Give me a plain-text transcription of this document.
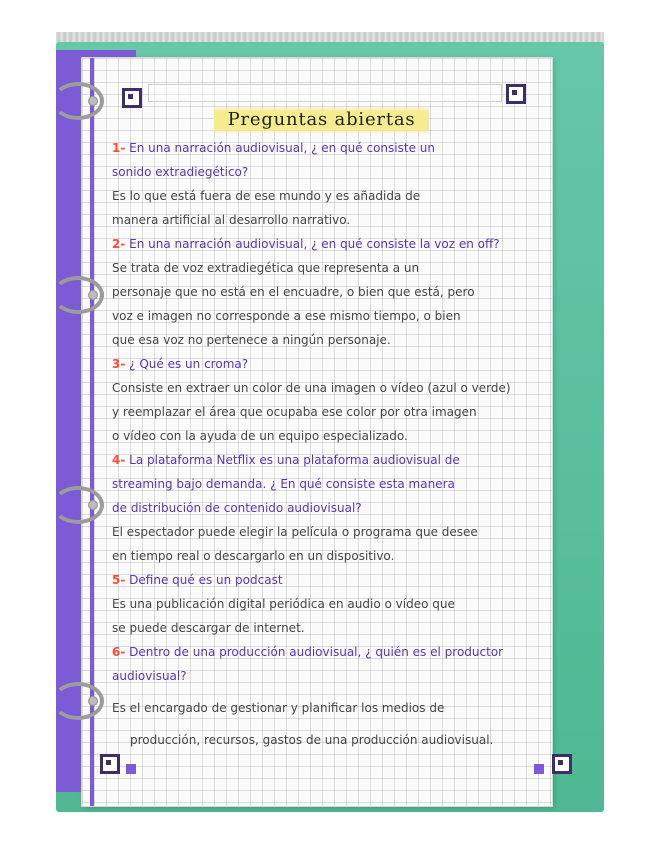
Preguntas abiertas
1- En una narración audiovisual, ¿ en qué consiste un
sonido extradiegético?
Es lo que está fuera de ese mundo y es añadida de
manera artificial al desarrollo narrativo.
2- En una narración audiovisual, ¿ en qué consiste la voz en off?
Se trata de voz extradiegética que representa a un
personaje que no está en el encuadre, o bien que está, pero
voz e imagen no corresponde a ese mismo tiempo, o bien
que esa voz no pertenece a ningún personaje.
3- ¿ Qué es un croma?
Consiste en extraer un color de una imagen o vídeo (azul o verde)
y reemplazar el área que ocupaba ese color por otra imagen
o vídeo con la ayuda de un equipo especializado.
4- La plataforma Netflix es una plataforma audiovisual de
streaming bajo demanda. ¿ En qué consiste esta manera
de distribución de contenido audiovisual?
El espectador puede elegir la película o programa que desee
en tiempo real o descargarlo en un dispositivo.
5- Define qué es un podcast
Es una publicación digital periódica en audio o vídeo que
se puede descargar de internet.
6- Dentro de una producción audiovisual, ¿ quién es el productor
audiovisual?
Es el encargado de gestionar y planificar los medios de
producción, recursos, gastos de una producción audiovisual.
